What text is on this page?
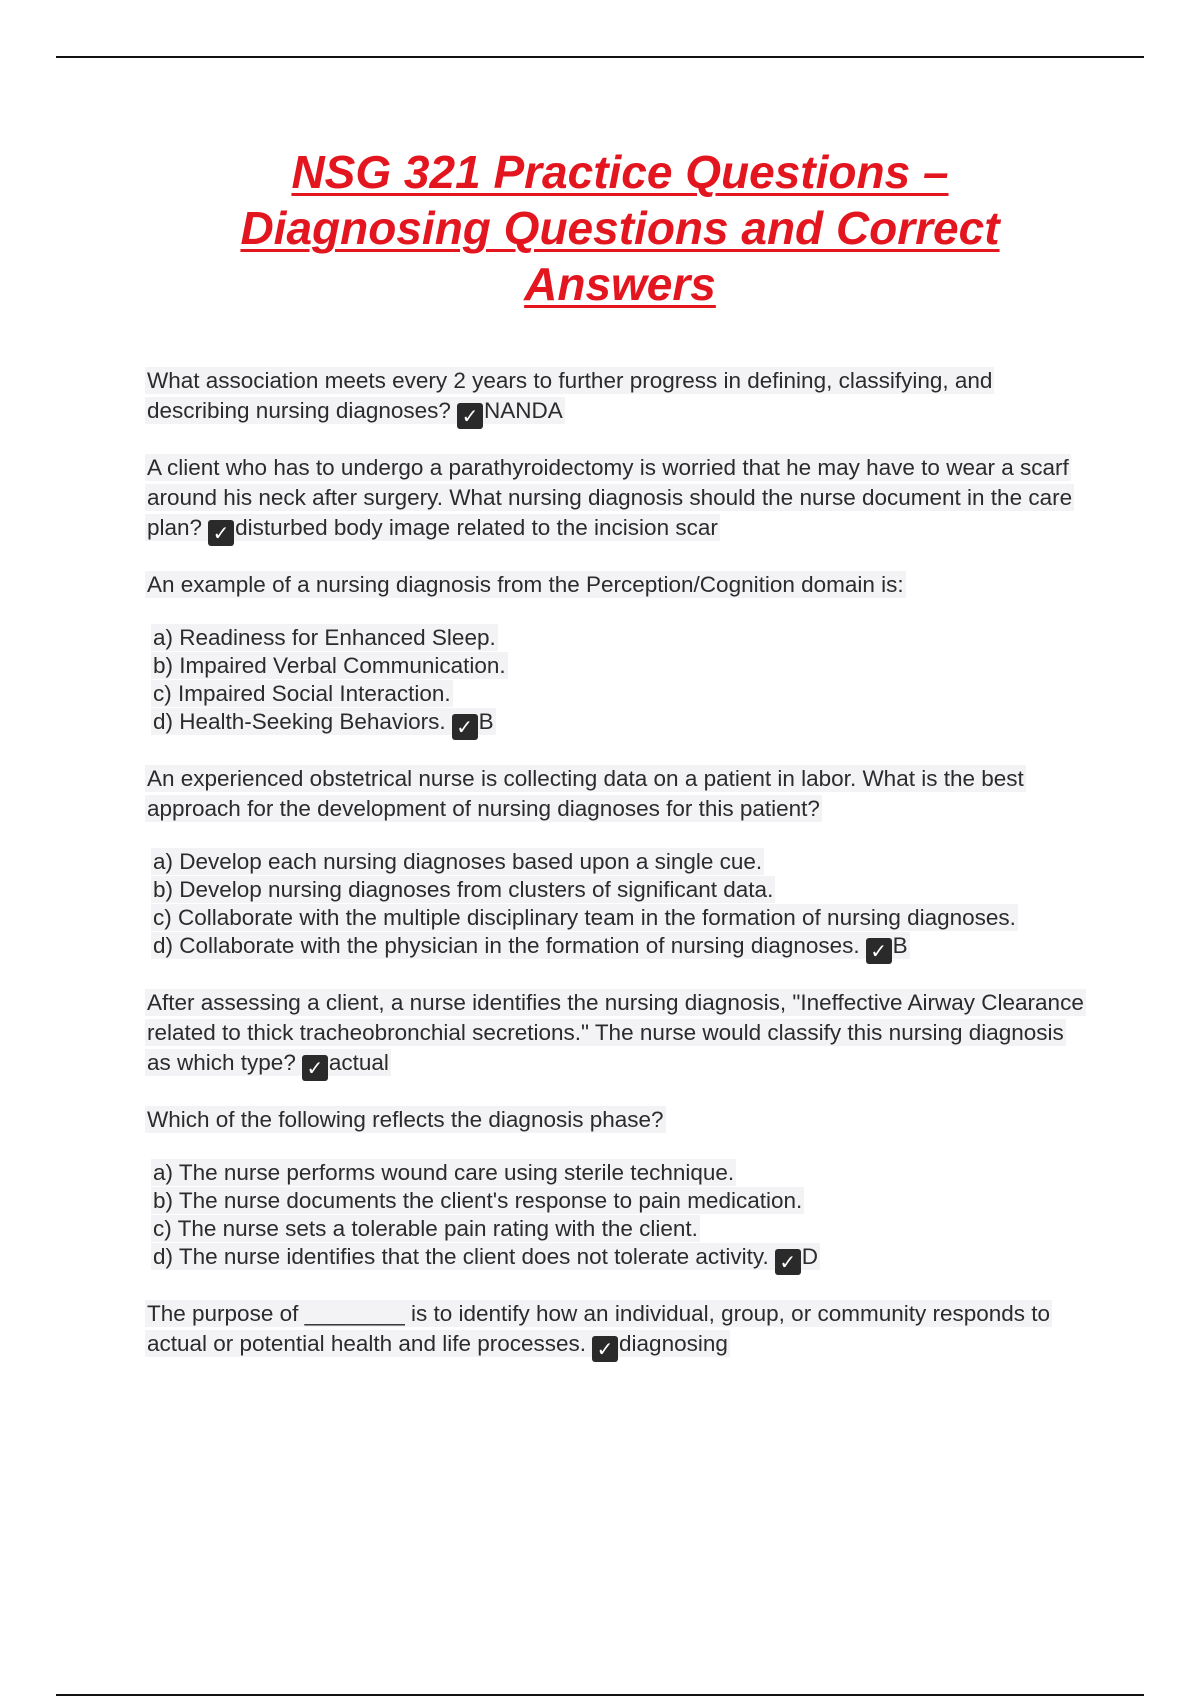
NSG 321 Practice Questions –
Diagnosing Questions and Correct
Answers

What association meets every 2 years to further progress in defining, classifying, and describing nursing diagnoses? ✓ NANDA

A client who has to undergo a parathyroidectomy is worried that he may have to wear a scarf around his neck after surgery. What nursing diagnosis should the nurse document in the care plan? ✓ disturbed body image related to the incision scar

An example of a nursing diagnosis from the Perception/Cognition domain is:

a) Readiness for Enhanced Sleep.
b) Impaired Verbal Communication.
c) Impaired Social Interaction.
d) Health-Seeking Behaviors. ✓ B

An experienced obstetrical nurse is collecting data on a patient in labor. What is the best approach for the development of nursing diagnoses for this patient?

a) Develop each nursing diagnoses based upon a single cue.
b) Develop nursing diagnoses from clusters of significant data.
c) Collaborate with the multiple disciplinary team in the formation of nursing diagnoses.
d) Collaborate with the physician in the formation of nursing diagnoses. ✓ B

After assessing a client, a nurse identifies the nursing diagnosis, "Ineffective Airway Clearance related to thick tracheobronchial secretions." The nurse would classify this nursing diagnosis as which type? ✓ actual

Which of the following reflects the diagnosis phase?

a) The nurse performs wound care using sterile technique.
b) The nurse documents the client's response to pain medication.
c) The nurse sets a tolerable pain rating with the client.
d) The nurse identifies that the client does not tolerate activity. ✓ D

The purpose of ________ is to identify how an individual, group, or community responds to actual or potential health and life processes. ✓ diagnosing
